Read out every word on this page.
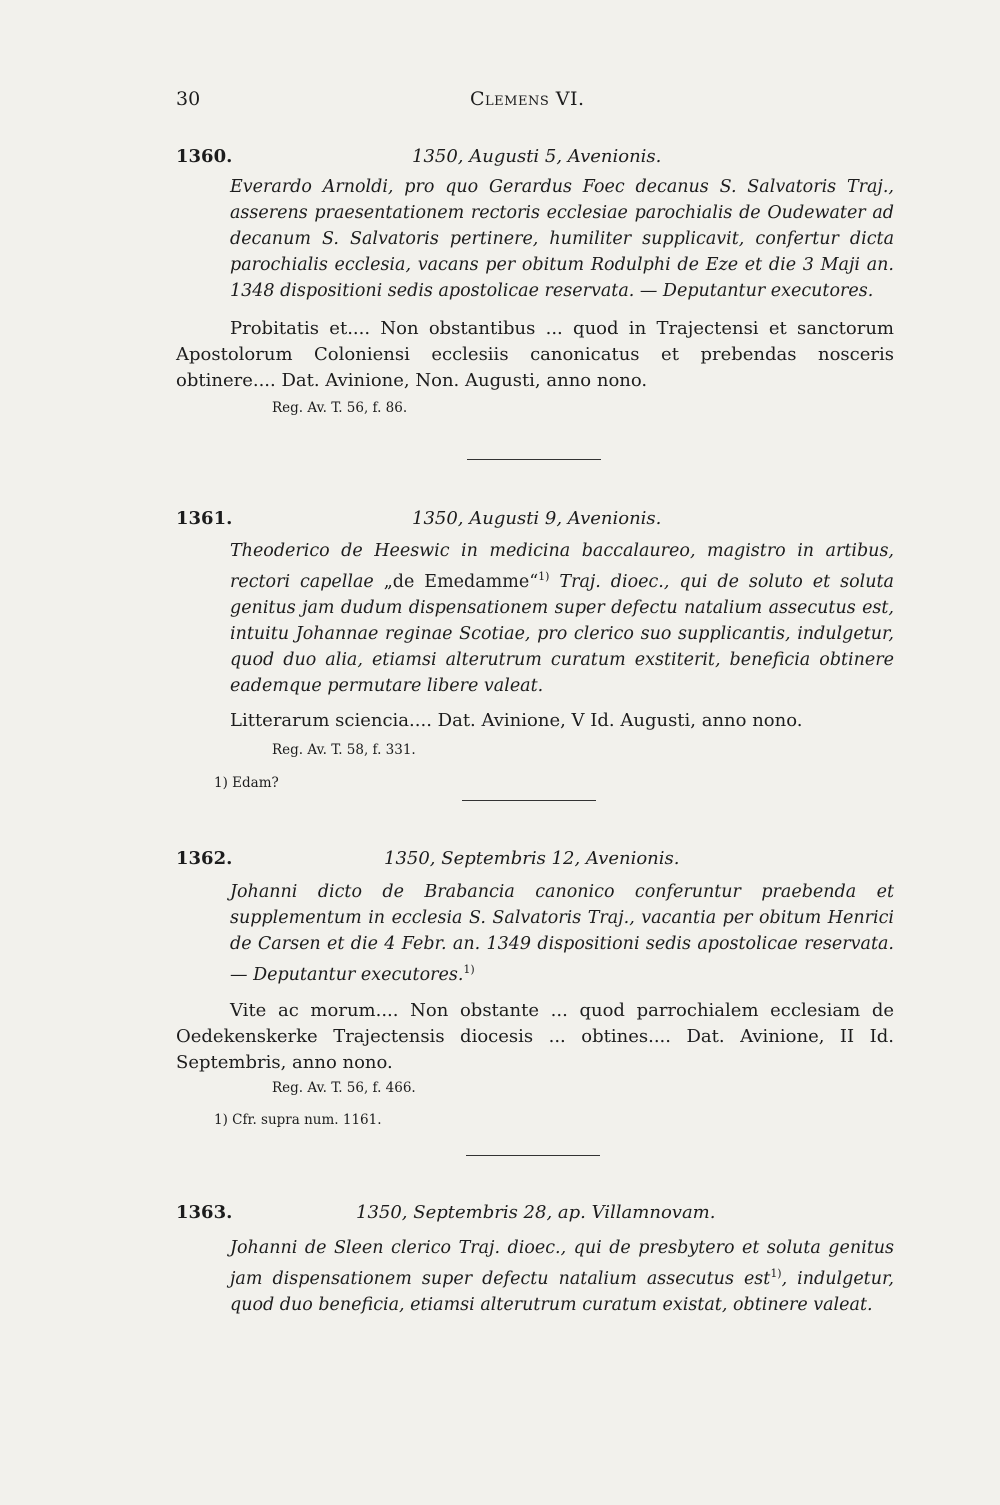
30	Clemens VI.
1360.	1350, Augusti 5, Avenionis.

Everardo Arnoldi, pro quo Gerardus Foec decanus S. Salvatoris Traj., asserens praesentationem rectoris ecclesiae parochialis de Oudewater ad decanum S. Salvatoris pertinere, humiliter supplicavit, confertur dicta parochialis ecclesia, vacans per obitum Rodulphi de Eze et die 3 Maji an. 1348 dispositioni sedis apostolicae reservata. — Deputantur executores.

Probitatis et.... Non obstantibus ... quod in Trajectensi et sanctorum Apostolorum Coloniensi ecclesiis canonicatus et prebendas nosceris obtinere.... Dat. Avinione, Non. Augusti, anno nono.

Reg. Av. T. 56, f. 86.
1361.	1350, Augusti 9, Avenionis.

Theoderico de Heeswic in medicina baccalaureo, magistro in artibus, rectori capellae „de Emedamme“$^{1)}$ Traj. dioec., qui de soluto et soluta genitus jam dudum dispensationem super defectu natalium assecutus est, intuitu Johannae reginae Scotiae, pro clerico suo supplicantis, indulgetur, quod duo alia, etiamsi alterutrum curatum exstiterit, beneficia obtinere eademque permutare libere valeat.

Litterarum sciencia.... Dat. Avinione, V Id. Augusti, anno nono.

Reg. Av. T. 58, f. 331.
1) Edam?
1362.	1350, Septembris 12, Avenionis.

Johanni dicto de Brabancia canonico conferuntur praebenda et supplementum in ecclesia S. Salvatoris Traj., vacantia per obitum Henrici de Carsen et die 4 Febr. an. 1349 dispositioni sedis apostolicae reservata. — Deputantur executores.$^{1)}$

Vite ac morum.... Non obstante ... quod parrochialem ecclesiam de Oedekenskerke Trajectensis diocesis ... obtines.... Dat. Avinione, II Id. Septembris, anno nono.

Reg. Av. T. 56, f. 466.
1) Cfr. supra num. 1161.
1363.	1350, Septembris 28, ap. Villamnovam.

Johanni de Sleen clerico Traj. dioec., qui de presbytero et soluta genitus jam dispensationem super defectu natalium assecutus est$^{1)}$, indulgetur, quod duo beneficia, etiamsi alterutrum curatum existat, obtinere valeat.
